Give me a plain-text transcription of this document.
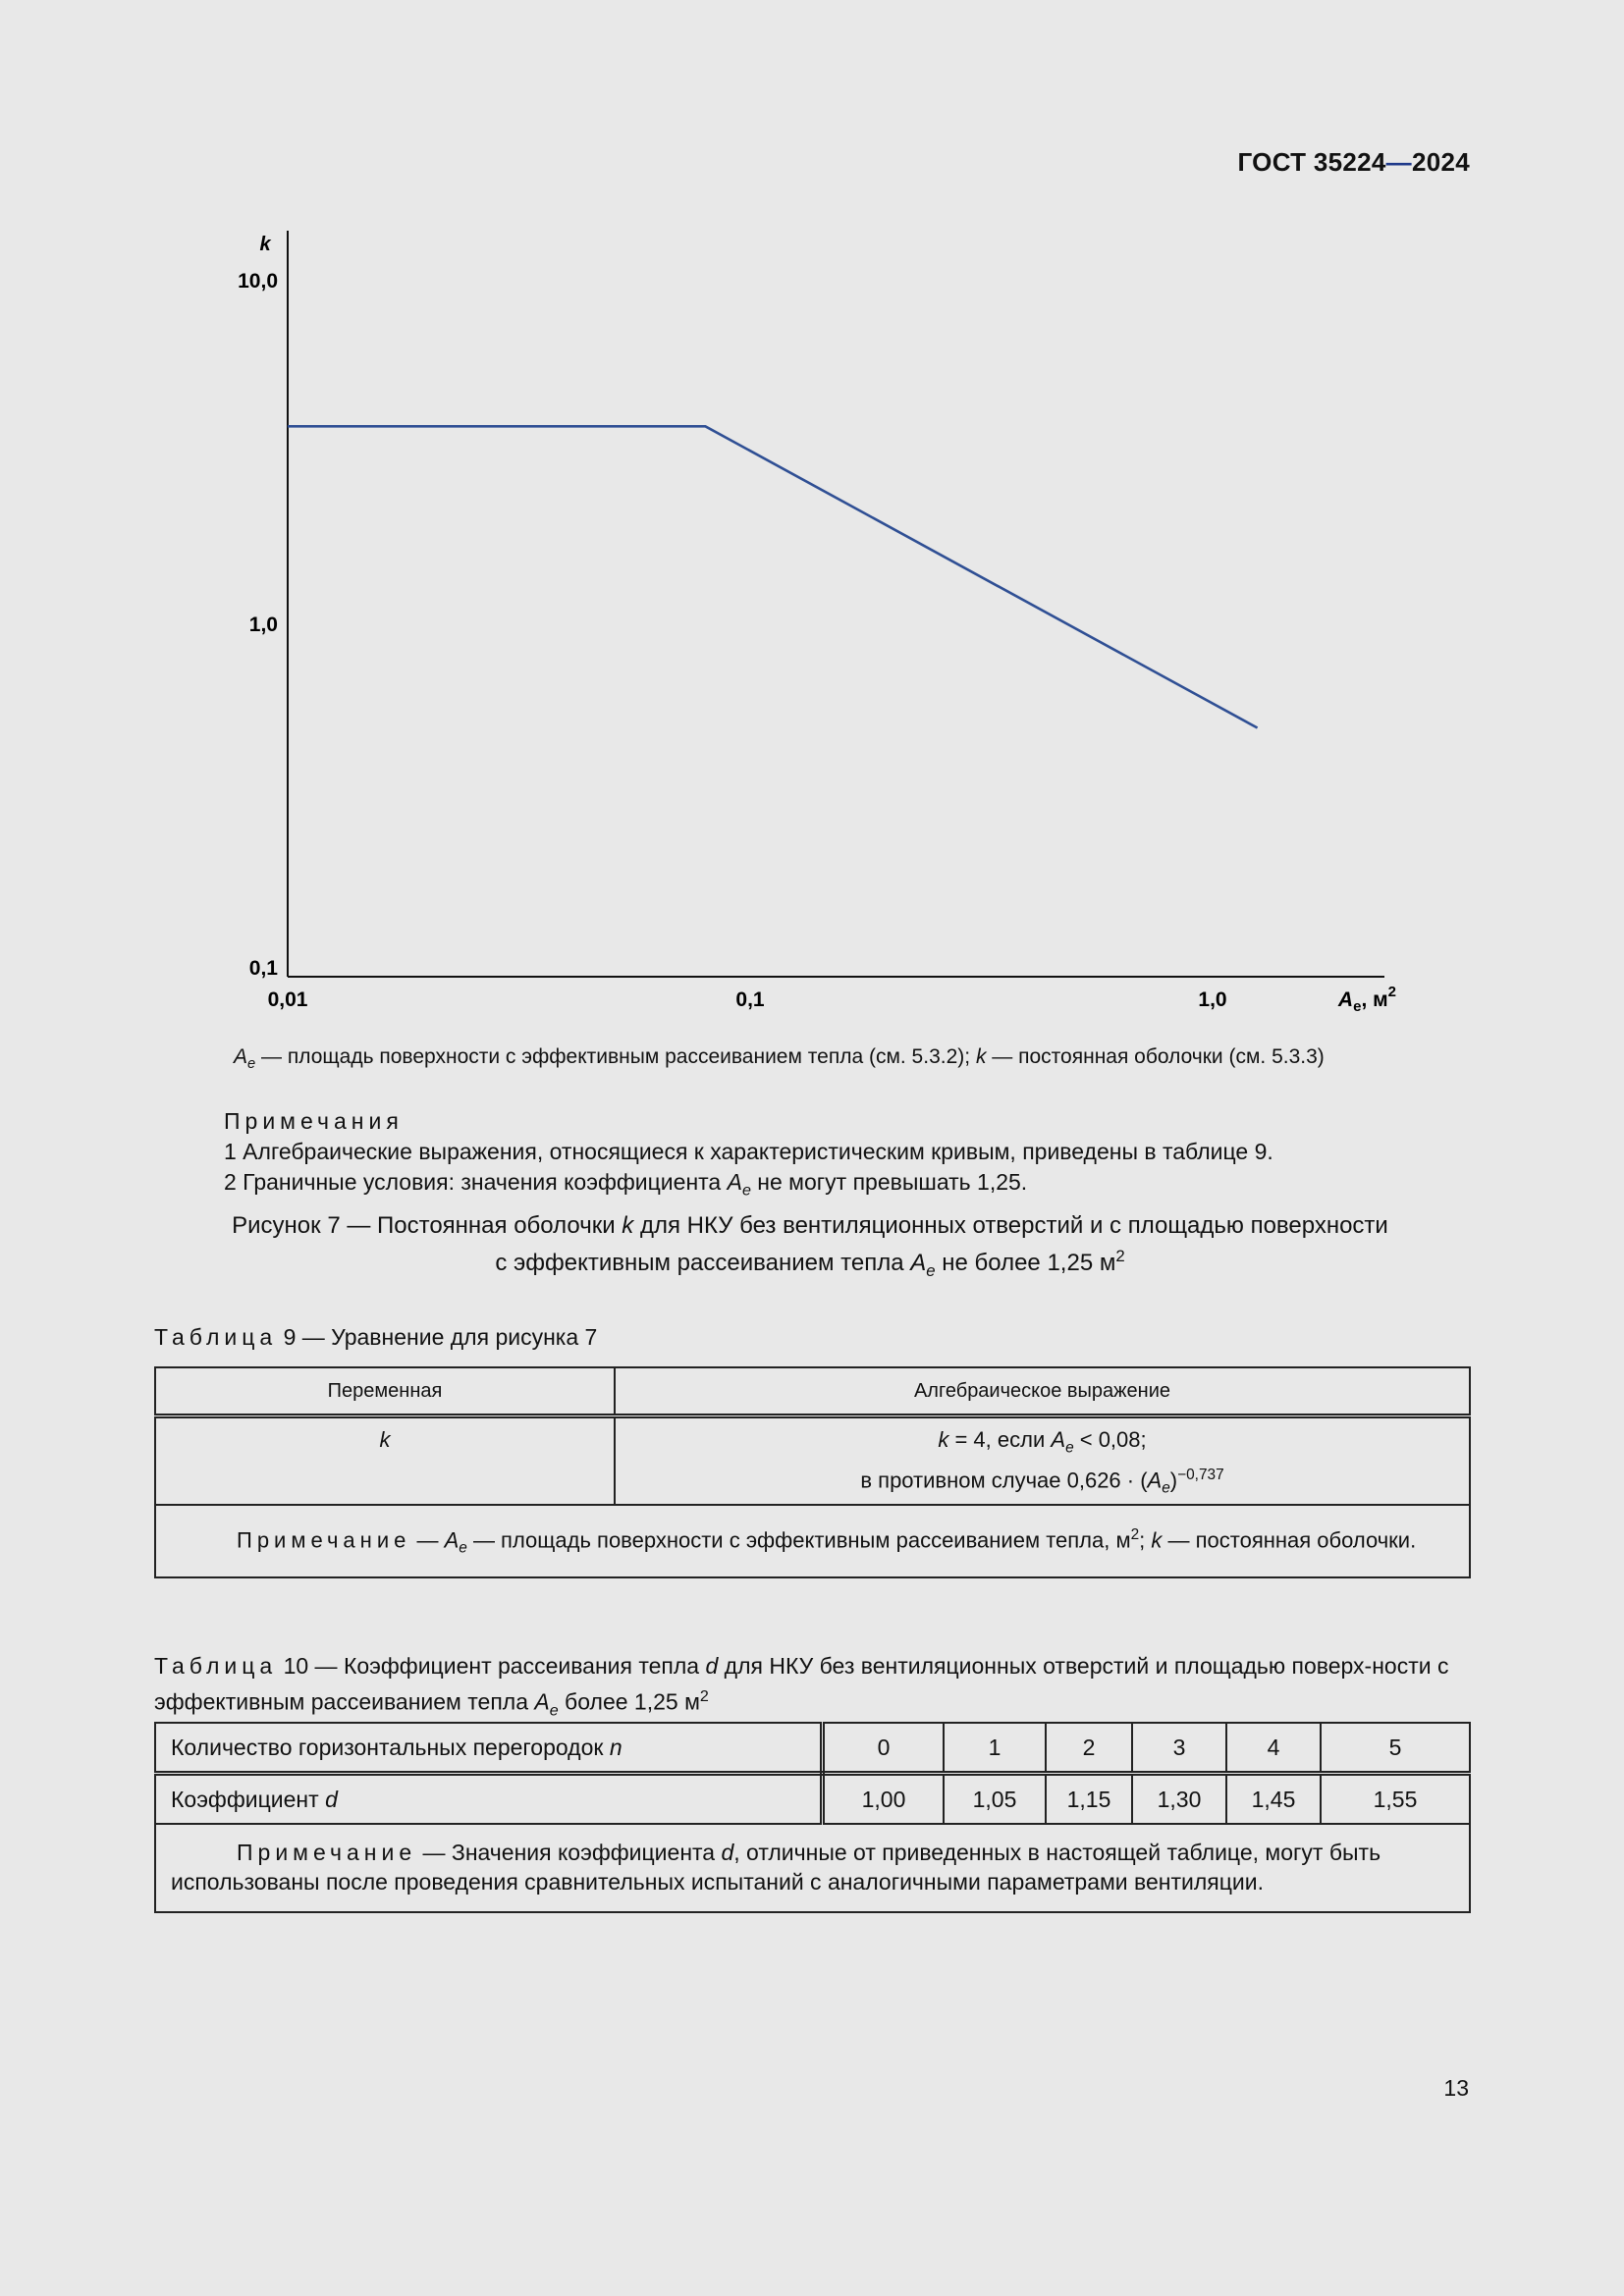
ГОСТ 35224—2024
k
0,1
1,0
10,0
0,01	0,1	1,0	$A_e$, $м^2$
$A_e$ — площадь поверхности с эффективным рассеиванием тепла (см. 5.3.2); k — постоянная оболочки (см. 5.3.3)
Примечания
1 Алгебраические выражения, относящиеся к характеристическим кривым, приведены в таблице 9.
2 Граничные условия: значения коэффициента $A_e$ не могут превышать 1,25.
Рисунок 7 — Постоянная оболочки k для НКУ без вентиляционных отверстий и с площадью поверхности
с эффективным рассеиванием тепла $A_e$ не более 1,25 $м^2$
Таблица 9 — Уравнение для рисунка 7
Переменная	Алгебраическое выражение
k	k = 4, если $A_e < 0,08$;
в противном случае $0,626 \cdot (A_e)^{-0,737}$

Примечание — $A_e$ — площадь поверхности с эффективным рассеиванием тепла, $м^2$; k — постоянная оболочки.	
Таблица 10 — Коэффициент рассеивания тепла d для НКУ без вентиляционных отверстий и площадью поверх-ности с эффективным рассеиванием тепла $A_e$ более 1,25 $м^2$
Количество горизонтальных перегородок n	0	1	2	3	4	5
Коэффициент d	1,00	1,05	1,15	1,30	1,45	1,55
Примечание — Значения коэффициента d, отличные от приведенных в настоящей таблице, могут быть использованы после проведения сравнительных испытаний с аналогичными параметрами вентиляции.						
13
